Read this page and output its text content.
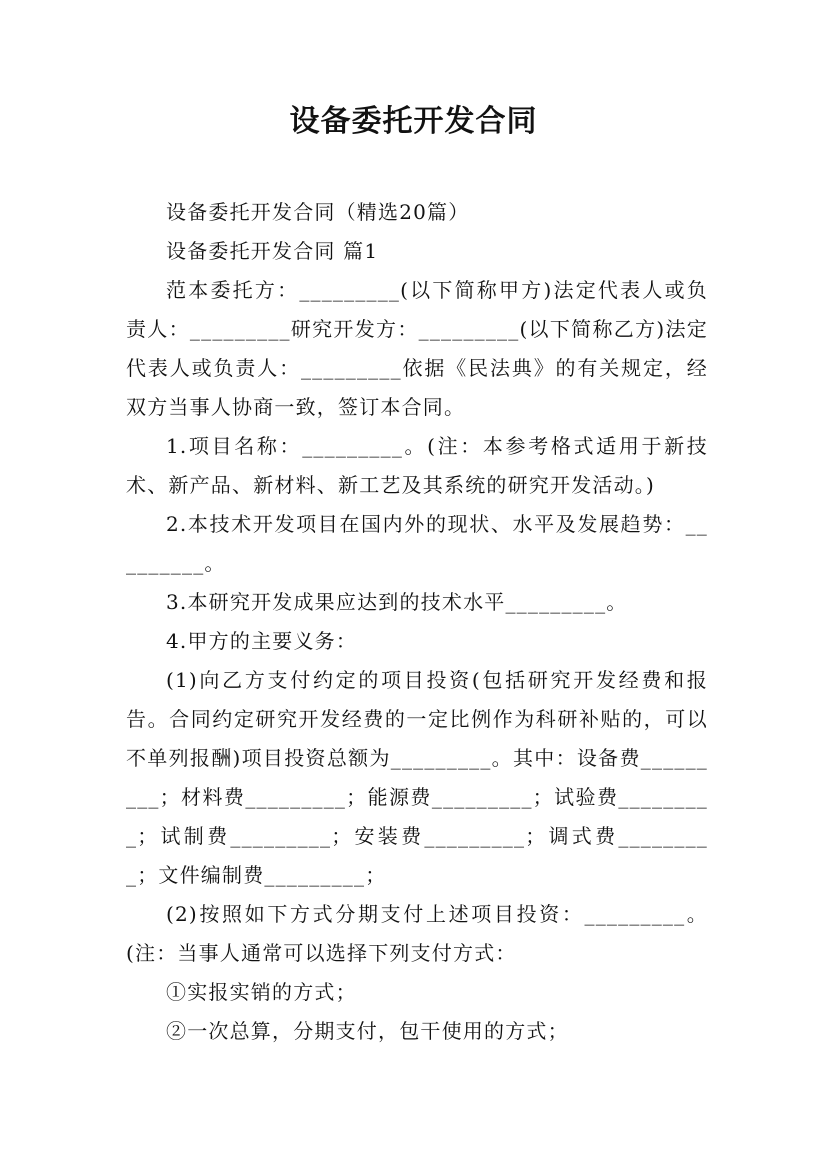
设备委托开发合同

设备委托开发合同（精选20篇）

设备委托开发合同 篇1

范本委托方：_________(以下简称甲方)法定代表人或负责人：_________研究开发方：_________(以下简称乙方)法定代表人或负责人：_________依据《民法典》的有关规定，经双方当事人协商一致，签订本合同。

1.项目名称：_________。(注：本参考格式适用于新技术、新产品、新材料、新工艺及其系统的研究开发活动。)

2.本技术开发项目在国内外的现状、水平及发展趋势：_________。

3.本研究开发成果应达到的技术水平_________。

4.甲方的主要义务：

(1)向乙方支付约定的项目投资(包括研究开发经费和报告。合同约定研究开发经费的一定比例作为科研补贴的，可以不单列报酬)项目投资总额为_________。其中：设备费_________；材料费_________；能源费_________；试验费_________；试制费_________；安装费_________；调式费_________；文件编制费_________；

(2)按照如下方式分期支付上述项目投资：_________。(注：当事人通常可以选择下列支付方式：

①实报实销的方式；

②一次总算，分期支付，包干使用的方式；
